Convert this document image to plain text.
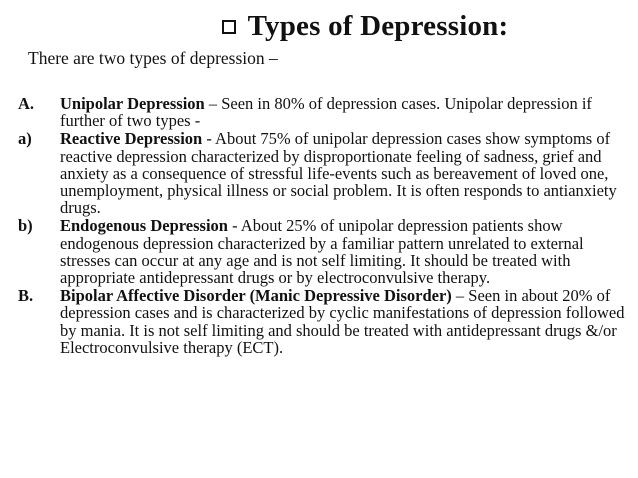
Types of Depression:
There are two types of depression –
A.	Unipolar Depression – Seen in 80% of depression cases. Unipolar depression if further of two types -
a)	Reactive Depression - About 75% of unipolar depression cases show symptoms of reactive depression characterized by disproportionate feeling of sadness, grief and anxiety as a consequence of stressful life-events such as bereavement of loved one, unemployment, physical illness or social problem. It is often responds to antianxiety drugs.
b)	Endogenous Depression - About 25% of unipolar depression patients show endogenous depression characterized by a familiar pattern unrelated to external stresses can occur at any age and is not self limiting. It should be treated with appropriate antidepressant drugs or by electroconvulsive therapy.
B.	Bipolar Affective Disorder (Manic Depressive Disorder) – Seen in about 20% of depression cases and is characterized by cyclic manifestations of depression followed by mania. It is not self limiting and should be treated with antidepressant drugs &/or Electroconvulsive therapy (ECT).
